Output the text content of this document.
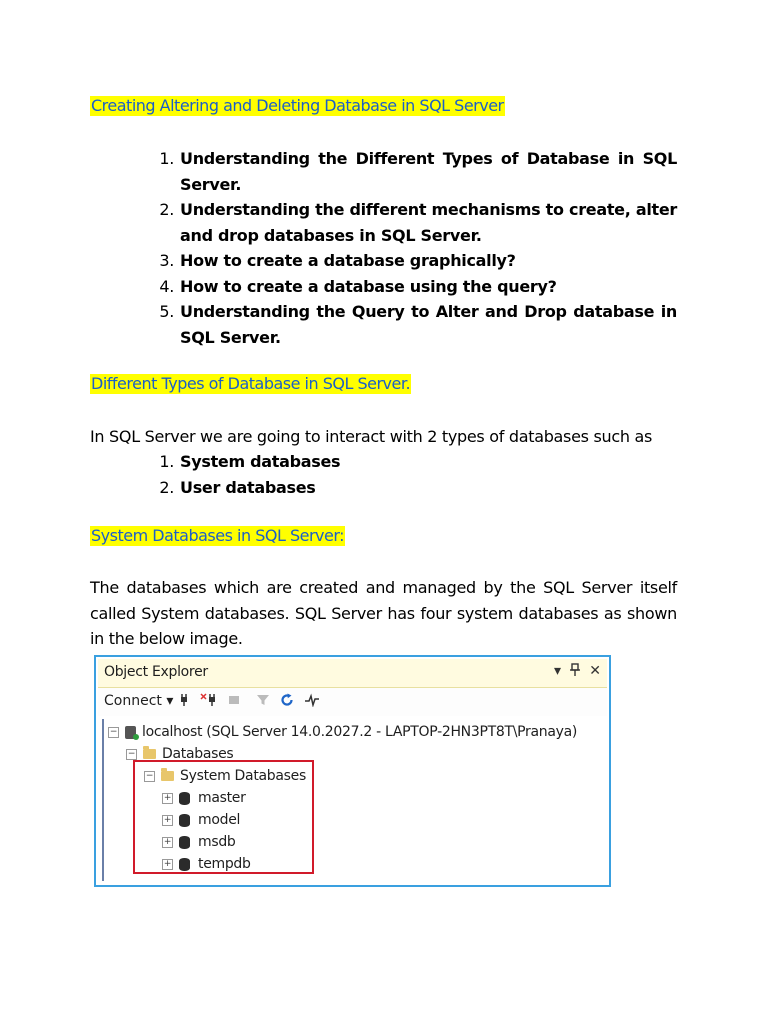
Creating Altering and Deleting Database in SQL Server
1. Understanding the Different Types of Database in SQL Server.
2. Understanding the different mechanisms to create, alter and drop databases in SQL Server.
3. How to create a database graphically?
4. How to create a database using the query?
5. Understanding the Query to Alter and Drop database in SQL Server.
Different Types of Database in SQL Server.
In SQL Server we are going to interact with 2 types of databases such as
1. System databases
2. User databases
System Databases in SQL Server:
The databases which are created and managed by the SQL Server itself called System databases. SQL Server has four system databases as shown in the below image.
Object Explorer	▾ ✕
Connect ▾
− localhost (SQL Server 14.0.2027.2 - LAPTOP-2HN3PT8T\Pranaya)
− Databases
− System Databases
+ master
+ model
+ msdb
+ tempdb
